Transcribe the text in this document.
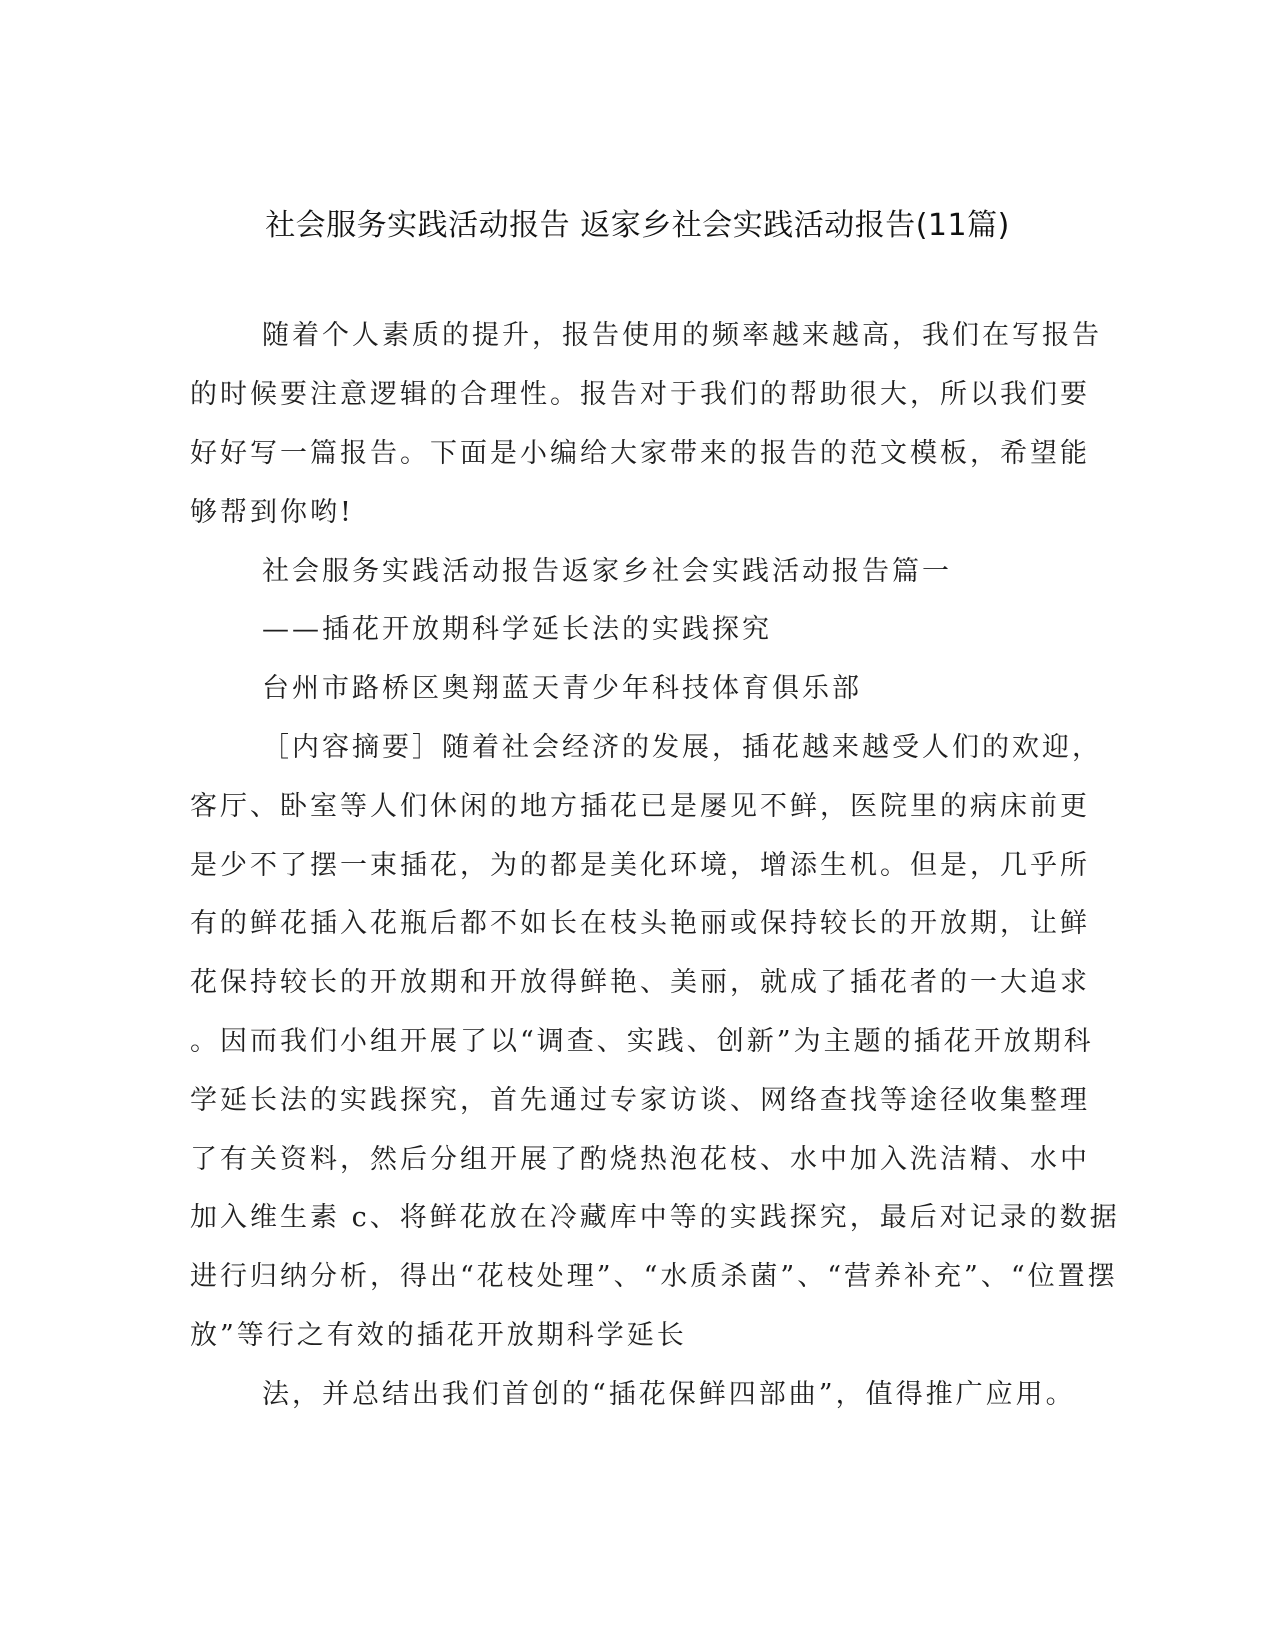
社会服务实践活动报告 返家乡社会实践活动报告(11篇)
随着个人素质的提升，报告使用的频率越来越高，我们在写报告
的时候要注意逻辑的合理性。报告对于我们的帮助很大，所以我们要
好好写一篇报告。下面是小编给大家带来的报告的范文模板，希望能
够帮到你哟!
社会服务实践活动报告返家乡社会实践活动报告篇一
——插花开放期科学延长法的实践探究
台州市路桥区奥翔蓝天青少年科技体育俱乐部
［内容摘要］随着社会经济的发展，插花越来越受人们的欢迎，
客厅、卧室等人们休闲的地方插花已是屡见不鲜，医院里的病床前更
是少不了摆一束插花，为的都是美化环境，增添生机。但是，几乎所
有的鲜花插入花瓶后都不如长在枝头艳丽或保持较长的开放期，让鲜
花保持较长的开放期和开放得鲜艳、美丽，就成了插花者的一大追求
。因而我们小组开展了以“调查、实践、创新”为主题的插花开放期科
学延长法的实践探究，首先通过专家访谈、网络查找等途径收集整理
了有关资料，然后分组开展了酌烧热泡花枝、水中加入洗洁精、水中
加入维生素 c、将鲜花放在冷藏库中等的实践探究，最后对记录的数据
进行归纳分析，得出“花枝处理”、“水质杀菌”、“营养补充”、“位置摆
放”等行之有效的插花开放期科学延长
法，并总结出我们首创的“插花保鲜四部曲”，值得推广应用。
